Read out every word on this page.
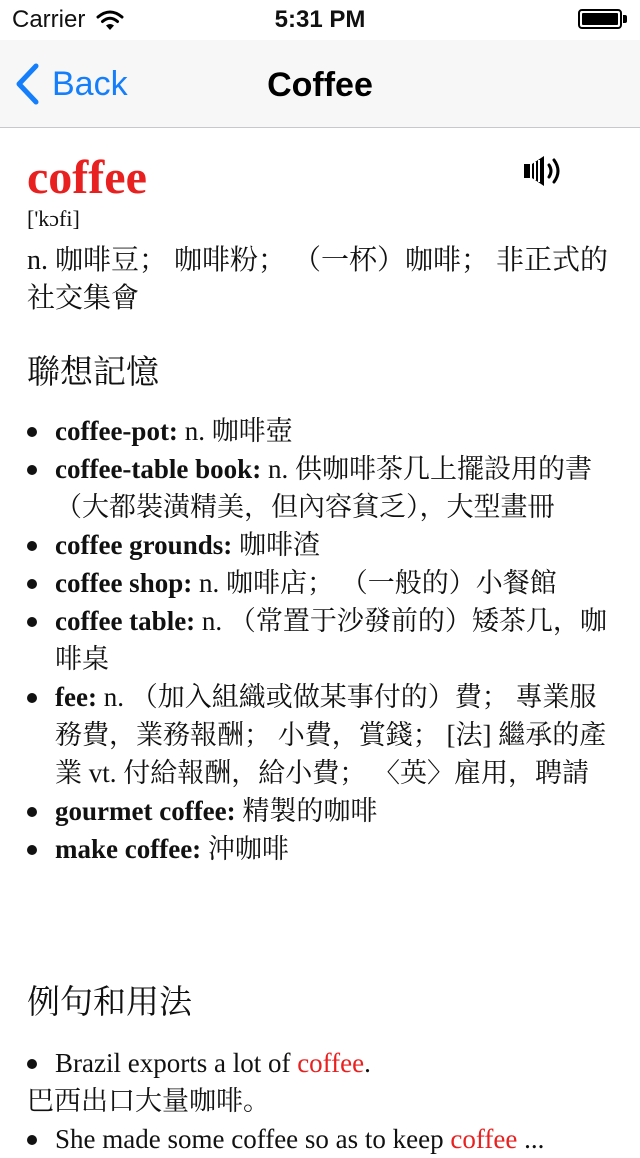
Carrier	5:31 PM
Back	Coffee
coffee
['kɔfi]
n. 咖啡豆； 咖啡粉； （一杯）咖啡； 非正式的社交集會
聯想記憶
coffee-pot: n. 咖啡壺
coffee-table book: n. 供咖啡茶几上擺設用的書（大都裝潢精美，但內容貧乏），大型畫冊
coffee grounds: 咖啡渣
coffee shop: n. 咖啡店； （一般的）小餐館
coffee table: n. （常置于沙發前的）矮茶几，咖啡桌
fee: n. （加入組織或做某事付的）費； 專業服務費，業務報酬； 小費，賞錢； [法] 繼承的產業 vt. 付給報酬，給小費； 〈英〉雇用，聘請
gourmet coffee: 精製的咖啡
make coffee: 沖咖啡
例句和用法
Brazil exports a lot of coffee.
巴西出口大量咖啡。
She made some coffee so as to keep coffee ...
